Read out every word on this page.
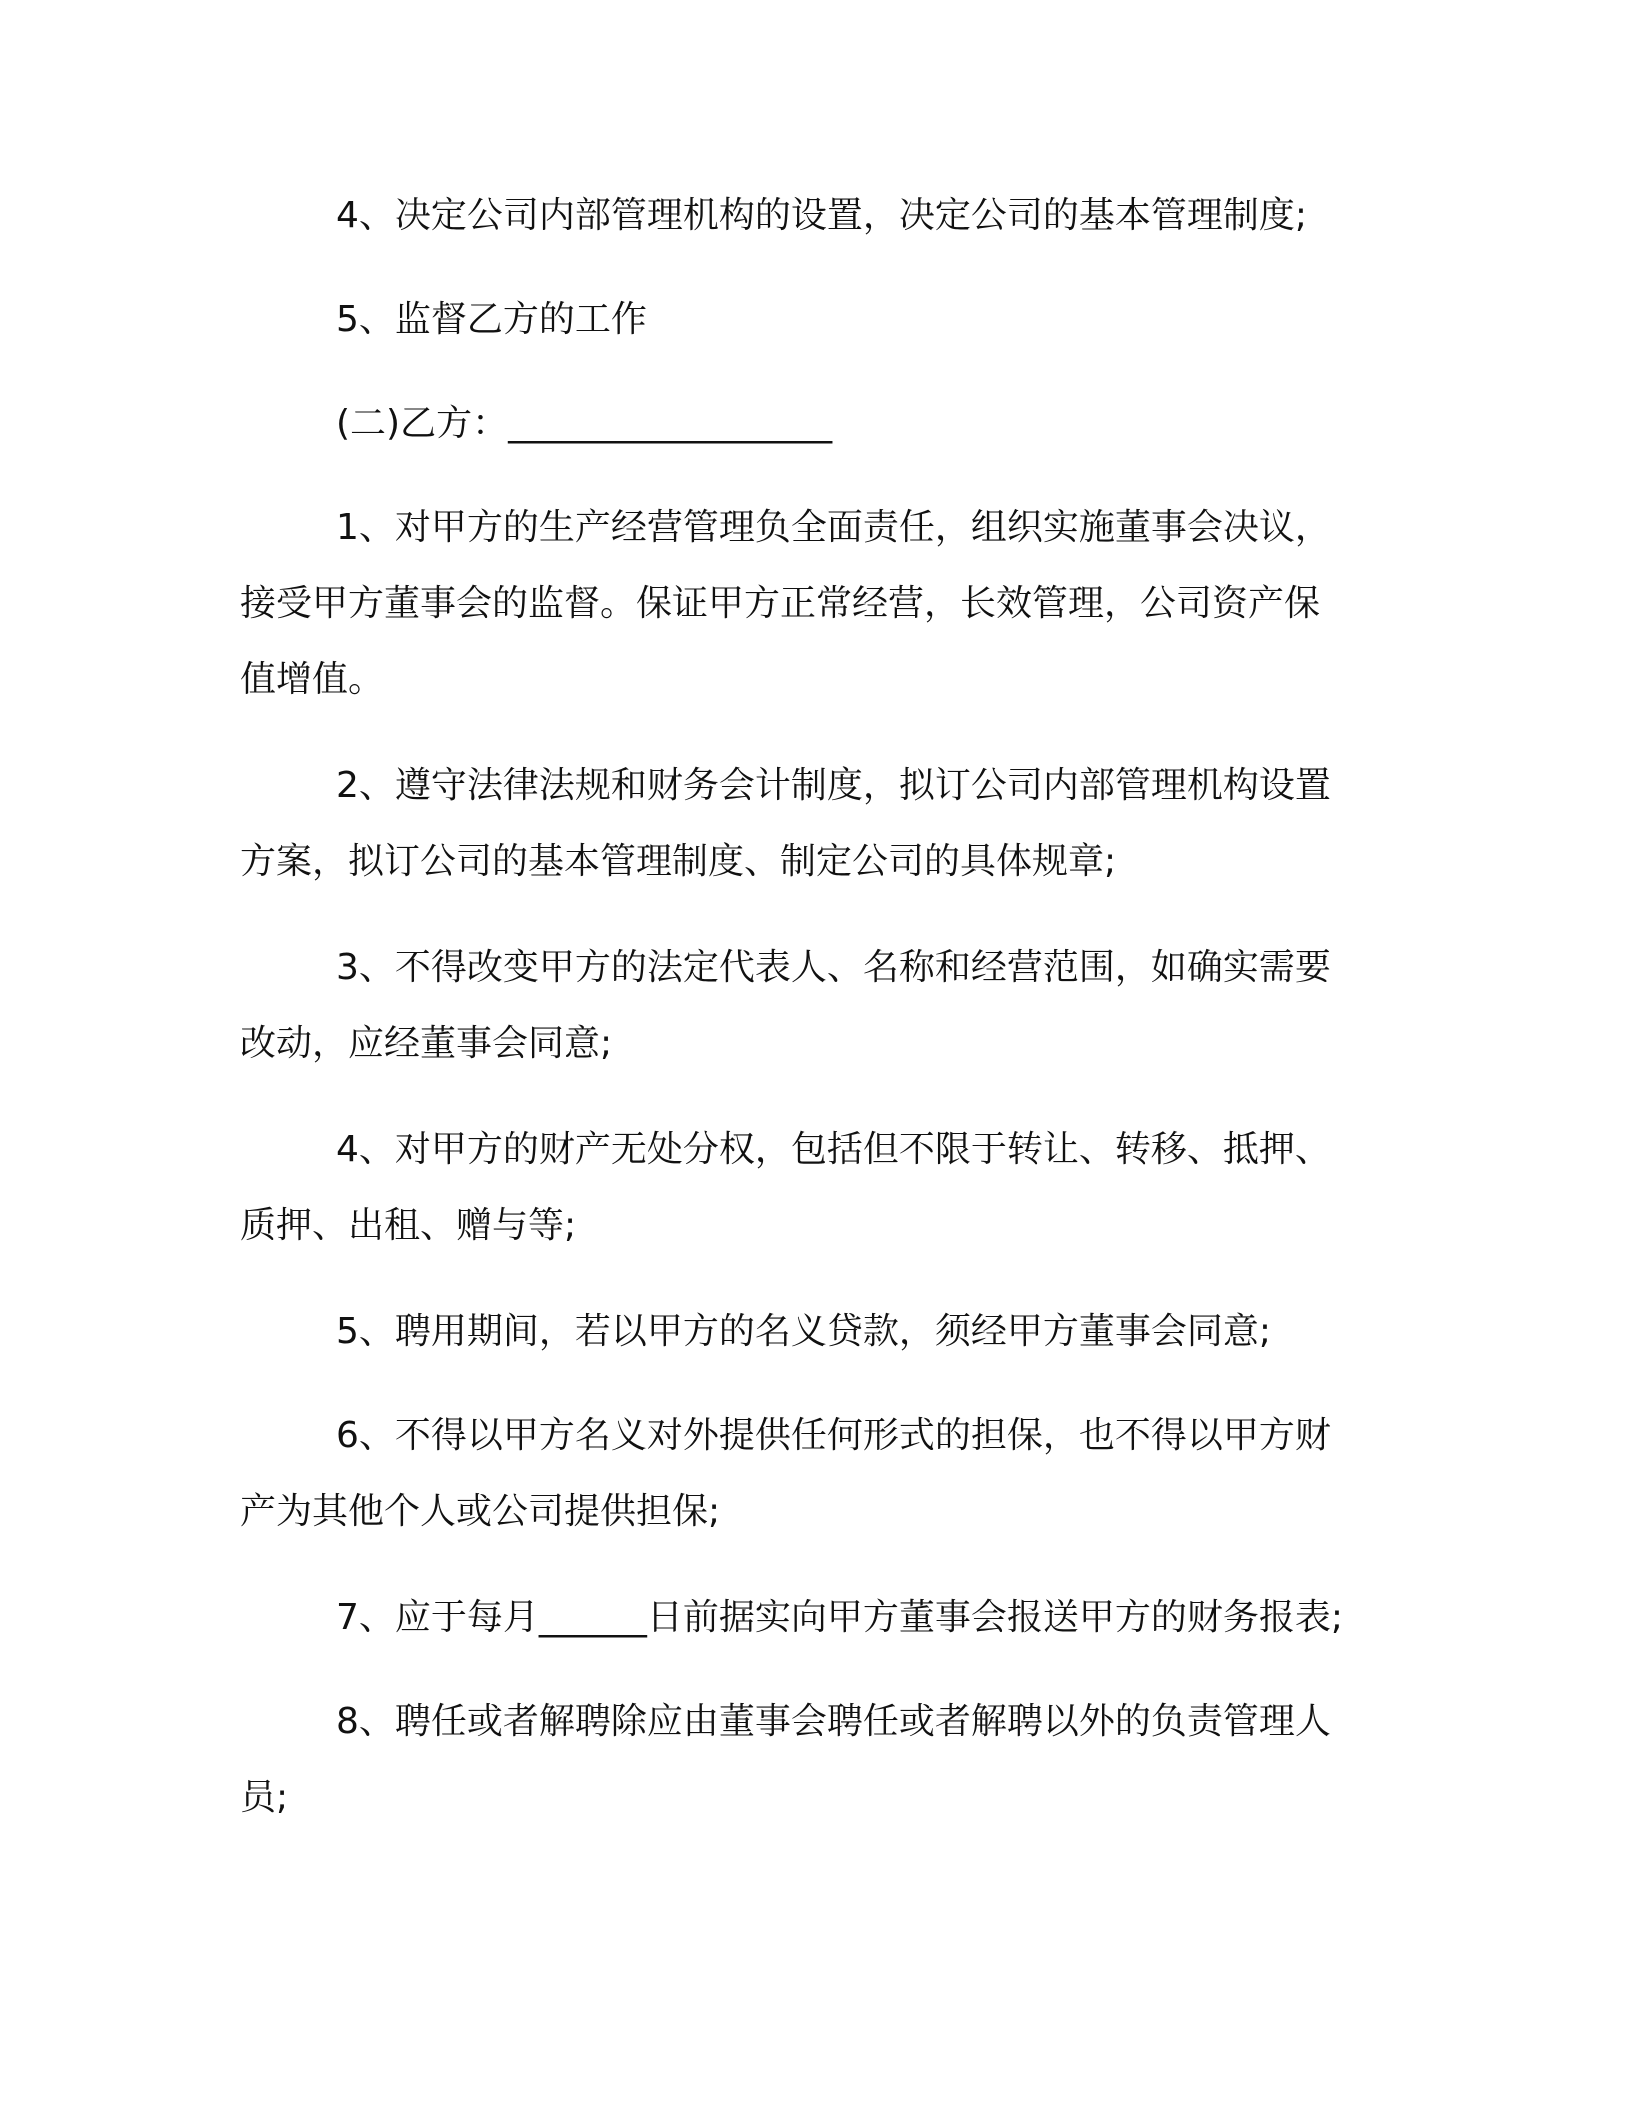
4、决定公司内部管理机构的设置，决定公司的基本管理制度;

5、监督乙方的工作

(二)乙方：__________________

1、对甲方的生产经营管理负全面责任，组织实施董事会决议，
接受甲方董事会的监督。保证甲方正常经营，长效管理，公司资产保
值增值。

2、遵守法律法规和财务会计制度，拟订公司内部管理机构设置
方案，拟订公司的基本管理制度、制定公司的具体规章;

3、不得改变甲方的法定代表人、名称和经营范围，如确实需要
改动，应经董事会同意;

4、对甲方的财产无处分权，包括但不限于转让、转移、抵押、
质押、出租、赠与等;

5、聘用期间，若以甲方的名义贷款，须经甲方董事会同意;

6、不得以甲方名义对外提供任何形式的担保，也不得以甲方财
产为其他个人或公司提供担保;

7、应于每月______日前据实向甲方董事会报送甲方的财务报表;

8、聘任或者解聘除应由董事会聘任或者解聘以外的负责管理人
员;
